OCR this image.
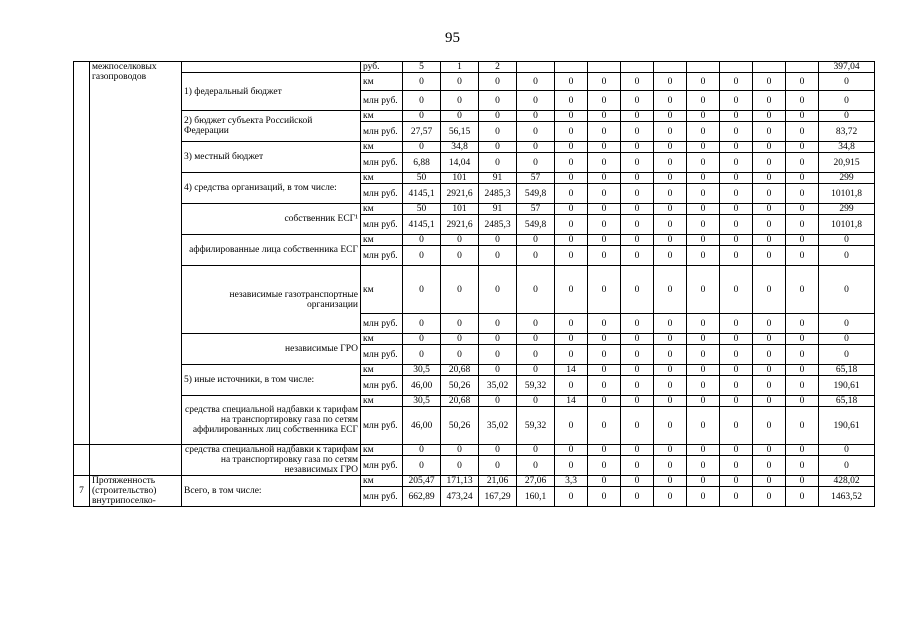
95
	межпоселковых газопроводов		руб.	5	1	2										397,04
		1) федеральный бюджет	км	0	0	0	0	0	0	0	0	0	0	0	0	0
			млн руб.	0	0	0	0	0	0	0	0	0	0	0	0	0
		2) бюджет субъекта Российской Федерации	км	0	0	0	0	0	0	0	0	0	0	0	0	0
			млн руб.	27,57	56,15	0	0	0	0	0	0	0	0	0	0	83,72
		3) местный бюджет	км	0	34,8	0	0	0	0	0	0	0	0	0	0	34,8
			млн руб.	6,88	14,04	0	0	0	0	0	0	0	0	0	0	20,915
		4) средства организаций, в том числе:	км	50	101	91	57	0	0	0	0	0	0	0	0	299
			млн руб.	4145,1	2921,6	2485,3	549,8	0	0	0	0	0	0	0	0	10101,8
		собственник ЕСГ¹	км	50	101	91	57	0	0	0	0	0	0	0	0	299
			млн руб.	4145,1	2921,6	2485,3	549,8	0	0	0	0	0	0	0	0	10101,8
		аффилированные лица собственника ЕСГ	км	0	0	0	0	0	0	0	0	0	0	0	0	0
			млн руб.	0	0	0	0	0	0	0	0	0	0	0	0	0
		независимые газотранспортные организации	км	0	0	0	0	0	0	0	0	0	0	0	0	0
			млн руб.	0	0	0	0	0	0	0	0	0	0	0	0	0
		независимые ГРО	км	0	0	0	0	0	0	0	0	0	0	0	0	0
			млн руб.	0	0	0	0	0	0	0	0	0	0	0	0	0
		5) иные источники, в том числе:	км	30,5	20,68	0	0	14	0	0	0	0	0	0	0	65,18
			млн руб.	46,00	50,26	35,02	59,32	0	0	0	0	0	0	0	0	190,61
		средства специальной надбавки к тарифам на транспортировку газа по сетям аффилированных лиц собственника ЕСГ	км	30,5	20,68	0	0	14	0	0	0	0	0	0	0	65,18
			млн руб.	46,00	50,26	35,02	59,32	0	0	0	0	0	0	0	0	190,61
		средства специальной надбавки к тарифам на транспортировку газа по сетям независимых ГРО	км	0	0	0	0	0	0	0	0	0	0	0	0	0
			млн руб.	0	0	0	0	0	0	0	0	0	0	0	0	0
7	Протяженность (строительство) внутрипоселко-	Всего, в том числе:	км	205,47	171,13	21,06	27,06	3,3	0	0	0	0	0	0	0	428,02
			млн руб.	662,89	473,24	167,29	160,1	0	0	0	0	0	0	0	0	1463,52
